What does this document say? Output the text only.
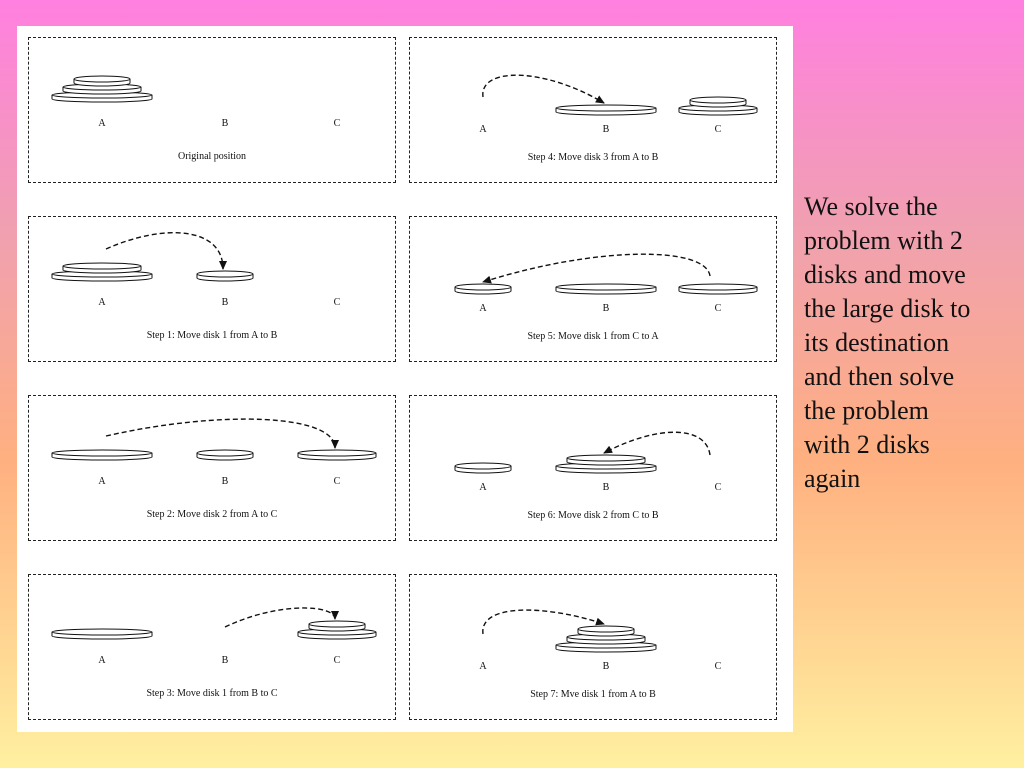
A	B	C
Original position
A	B	C
Step 1: Move disk 1 from A to B
A	B	C
Step 2: Move disk 2 from A to C
A	B	C
Step 3: Move disk 1 from B to C
A	B	C
Step 4: Move disk 3 from A to B
A	B	C
Step 5: Move disk 1 from C to A
A	B	C
Step 6: Move disk 2 from C to B
A	B	C
Step 7: Mve disk 1 from A to B
We solve the
problem with 2
disks and move
the large disk to
its destination
and then solve
the problem
with 2 disks
again
